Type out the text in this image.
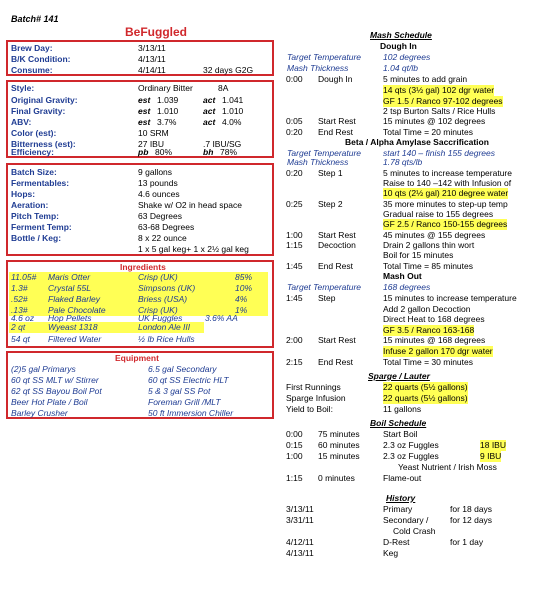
Batch# 141
BeFuggled
Brew Day:	3/13/11
B/K Condition:	4/13/11
Consume:	4/14/11	32 days G2G
Style:	Ordinary Bitter	8A
Original Gravity:	est 1.039	act 1.041
Final Gravity:	est 1.010	act 1.010
ABV:	est 3.7%	act 4.0%
Color (est):	10 SRM
Bitterness (est):	27 IBU	.7 IBU/SG
Efficiency:	pb 80%	bh 78%
Batch Size:	9 gallons
Fermentables:	13 pounds
Hops:	4.6 ounces
Aeration:	Shake w/ O2 in head space
Pitch Temp:	63 Degrees
Ferment Temp:	63-68 Degrees
Bottle / Keg:	8 x 22 ounce
1 x 5 gal keg+ 1 x 2½ gal keg
Ingredients
11.05# Maris Otter	Crisp (UK)	85%
1.3# Crystal 55L	Simpsons (UK)	10%
.52# Flaked Barley	Briess (USA)	4%
.13# Pale Chocolate	Crisp (UK)	1%
4.6 oz Hop Pellets	UK Fuggles	3.6% AA
2 qt	Wyeast 1318	London Ale III
54 qt Filtered Water	½ lb Rice Hulls
Equipment
(2)5 gal Primarys	6.5 gal Secondary
60 qt SS MLT w/ Stirrer	60 qt SS Electric HLT
62 qt SS Bayou Boil Pot	5 & 3 gal SS Pot
Beer Hot Plate / Boil	Foreman Grill /MLT
Barley Crusher	50 ft Immersion Chiller
Mash Schedule
Dough In
Target Temperature	102 degrees
Mash Thickness	1.04 qt/lb
0:00 Dough In	5 minutes to add grain
14 qts (3½ gal) 102 dgr water
GF 1.5 / Ranco 97-102 degrees
2 tsp Burton Salts / Rice Hulls
0:05 Start Rest	15 minutes @ 102 degrees
0:20 End Rest	Total Time = 20 minutes
Beta / Alpha Amylase Saccrification
Target Temperature	start 140 – finish 155 degrees
Mash Thickness	1.78 qts/lb
0:20 Step 1	5 minutes to increase temperature
Raise to 140 –142 with Infusion of
10 qts (2½ gal) 210 degree water
0:25 Step 2	35 more minutes to step-up temp
Gradual raise to 155 degrees
GF 2.5 / Ranco 150-155 degrees
1:00 Start Rest	45 minutes @ 155 degrees
1:15 Decoction	Drain 2 gallons thin wort
Boil for 15 minutes
1:45 End Rest	Total Time = 85 minutes
Mash Out
Target Temperature	168 degrees
1:45 Step	15 minutes to increase temperature
Add 2 gallon Decoction
Direct Heat to 168 degrees
GF 3.5 / Ranco 163-168
2:00 Start Rest	15 minutes @ 168 degrees
Infuse 2 gallon 170 dgr water
2:15 End Rest	Total Time = 30 minutes
Sparge / Lauter
First Runnings	22 quarts (5½ gallons)
Sparge Infusion	22 quarts (5½ gallons)
Yield to Boil:	11 gallons
Boil Schedule
0:00 75 minutes	Start Boil
0:15 60 minutes	2.3 oz Fuggles	18 IBU
1:00 15 minutes	2.3 oz Fuggles	9 IBU
Yeast Nutrient / Irish Moss
1:15 0 minutes	Flame-out
History
3/13/11	Primary	for 18 days
3/31/11	Secondary /	for 12 days
Cold Crash
4/12/11	D-Rest	for 1 day
4/13/11	Keg
